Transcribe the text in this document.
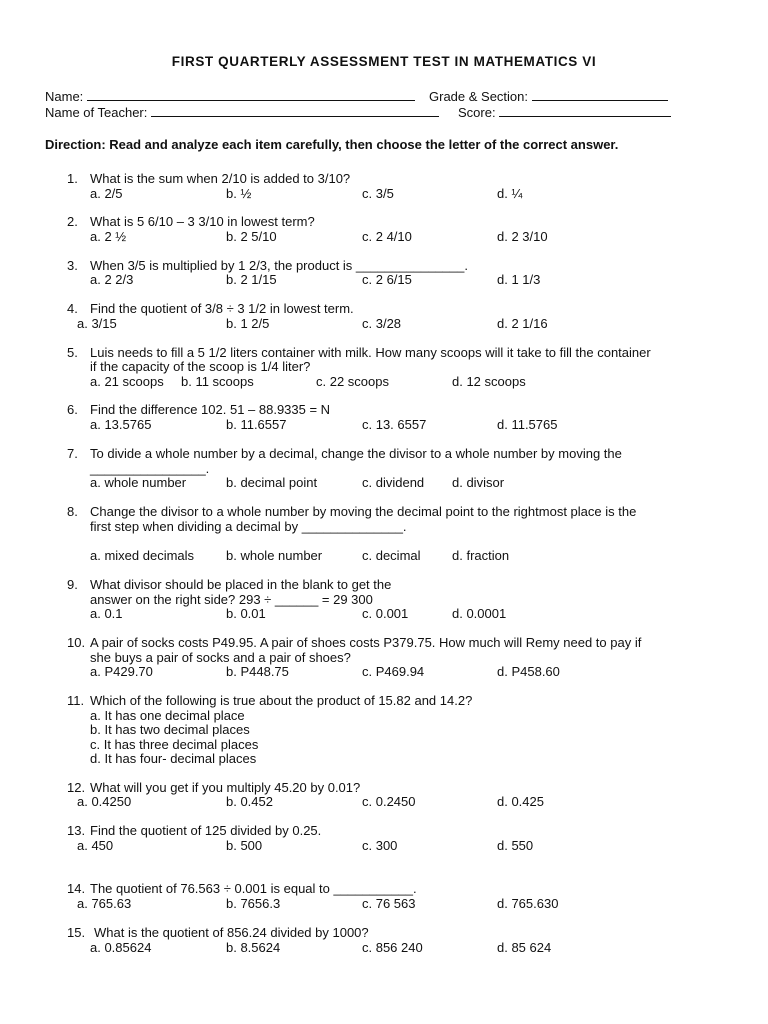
FIRST QUARTERLY ASSESSMENT TEST IN MATHEMATICS VI
Name:	Grade & Section:
Name of Teacher:	Score:
Direction: Read and analyze each item carefully, then choose the letter of the correct answer.
1. What is the sum when 2/10 is added to 3/10?
a. 2/5	b. ½	c. 3/5	d. ¼
2. What is 5 6/10 – 3 3/10 in lowest term?
a. 2 ½	b. 2 5/10	c. 2 4/10	d. 2 3/10
3. When 3/5 is multiplied by 1 2/3, the product is _______________.
a. 2 2/3	b. 2 1/15	c. 2 6/15	d. 1 1/3
4. Find the quotient of 3/8 ÷ 3 1/2 in lowest term.
a. 3/15	b. 1 2/5	c. 3/28	d. 2 1/16
5. Luis needs to fill a 5 1/2 liters container with milk. How many scoops will it take to fill the container
if the capacity of the scoop is 1/4 liter?
a. 21 scoops b. 11 scoops	c. 22 scoops	d. 12 scoops
6. Find the difference 102. 51 – 88.9335 = N
a. 13.5765	b. 11.6557	c. 13. 6557	d. 11.5765
7. To divide a whole number by a decimal, change the divisor to a whole number by moving the
________________.
a. whole number	b. decimal point	c. dividend d. divisor
8. Change the divisor to a whole number by moving the decimal point to the rightmost place is the
first step when dividing a decimal by ______________.
a. mixed decimals b. whole number	c. decimal d. fraction
9. What divisor should be placed in the blank to get the
answer on the right side? 293 ÷ ______ = 29 300
a. 0.1	b. 0.01	c. 0.001	d. 0.0001
10. A pair of socks costs P49.95. A pair of shoes costs P379.75. How much will Remy need to pay if
she buys a pair of socks and a pair of shoes?
a. P429.70	b. P448.75	c. P469.94	d. P458.60
11. Which of the following is true about the product of 15.82 and 14.2?
a. It has one decimal place
b. It has two decimal places
c. It has three decimal places
d. It has four- decimal places
12. What will you get if you multiply 45.20 by 0.01?
a. 0.4250	b. 0.452	c. 0.2450	d. 0.425
13. Find the quotient of 125 divided by 0.25.
a. 450	b. 500	c. 300	d. 550
14. The quotient of 76.563 ÷ 0.001 is equal to ___________.
a. 765.63	b. 7656.3	c. 76 563	d. 765.630
15. What is the quotient of 856.24 divided by 1000?
a. 0.85624	b. 8.5624	c. 856 240	d. 85 624
